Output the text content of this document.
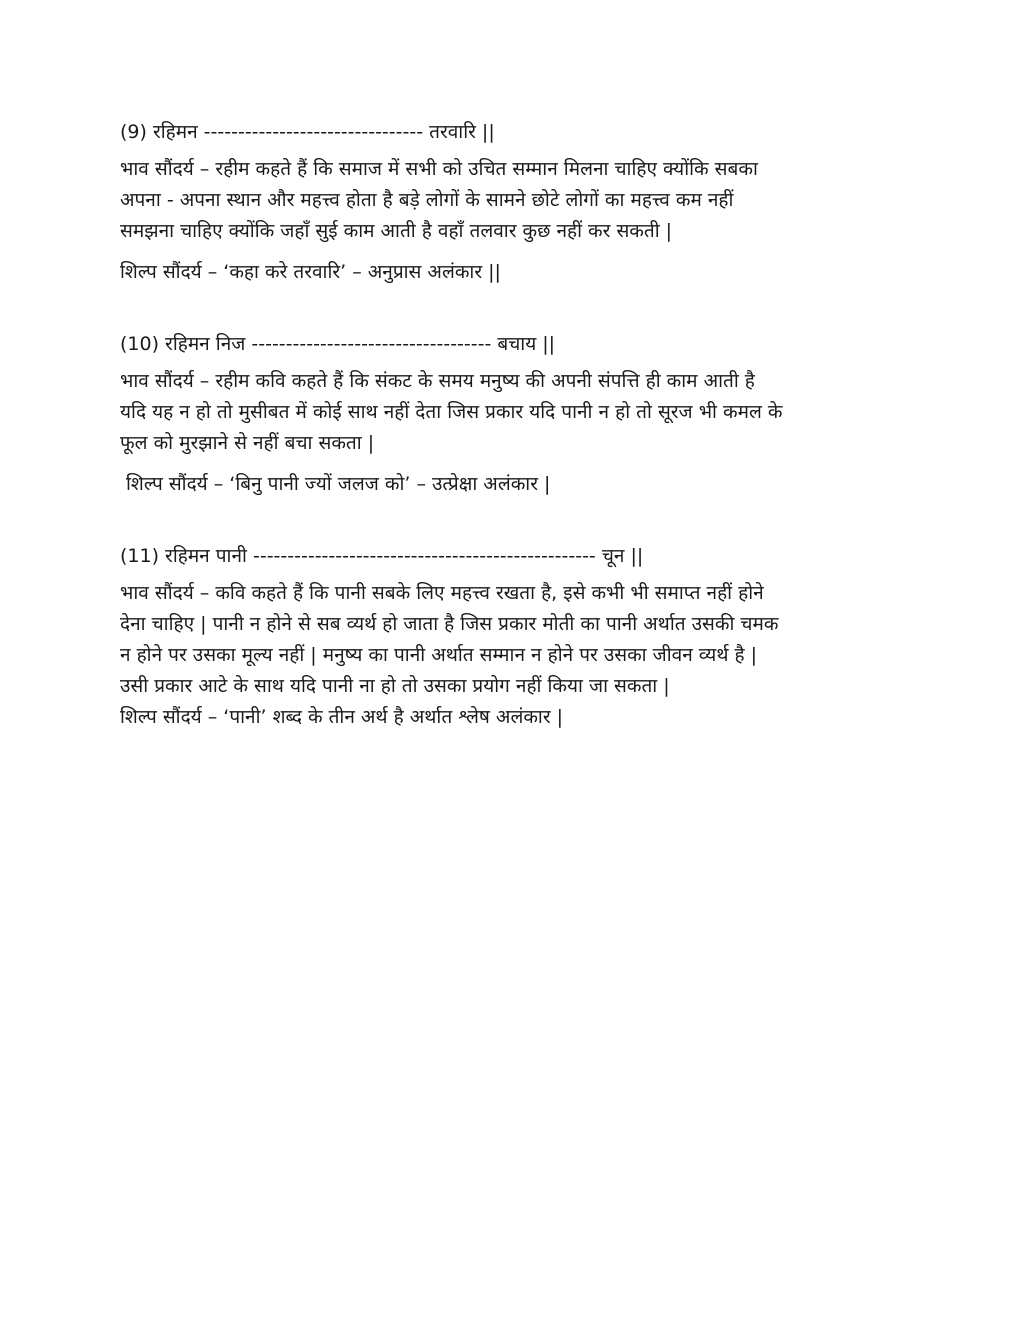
(9) रहिमन -------------------------------- तरवारि ||

भाव सौंदर्य – रहीम कहते हैं कि समाज में सभी को उचित सम्मान मिलना चाहिए क्योंकि सबका
अपना - अपना स्थान और महत्त्व होता है बड़े लोगों के सामने छोटे लोगों का महत्त्व कम नहीं
समझना चाहिए क्योंकि जहाँ सुई काम आती है वहाँ तलवार कुछ नहीं कर सकती |

शिल्प सौंदर्य – ‘कहा करे तरवारि’ – अनुप्रास अलंकार ||

(10) रहिमन निज ----------------------------------- बचाय ||

भाव सौंदर्य – रहीम कवि कहते हैं कि संकट के समय मनुष्य की अपनी संपत्ति ही काम आती है
यदि यह न हो तो मुसीबत में कोई साथ नहीं देता जिस प्रकार यदि पानी न हो तो सूरज भी कमल के
फूल को मुरझाने से नहीं बचा सकता |

शिल्प सौंदर्य – ‘बिनु पानी ज्यों जलज को’ – उत्प्रेक्षा अलंकार |

(11) रहिमन पानी -------------------------------------------------- चून ||

भाव सौंदर्य – कवि कहते हैं कि पानी सबके लिए महत्त्व रखता है, इसे कभी भी समाप्त नहीं होने
देना चाहिए | पानी न होने से सब व्यर्थ हो जाता है जिस प्रकार मोती का पानी अर्थात उसकी चमक
न होने पर उसका मूल्य नहीं | मनुष्य का पानी अर्थात सम्मान न होने पर उसका जीवन व्यर्थ है |
उसी प्रकार आटे के साथ यदि पानी ना हो तो उसका प्रयोग नहीं किया जा सकता |

शिल्प सौंदर्य – ‘पानी’ शब्द के तीन अर्थ है अर्थात श्लेष अलंकार |
